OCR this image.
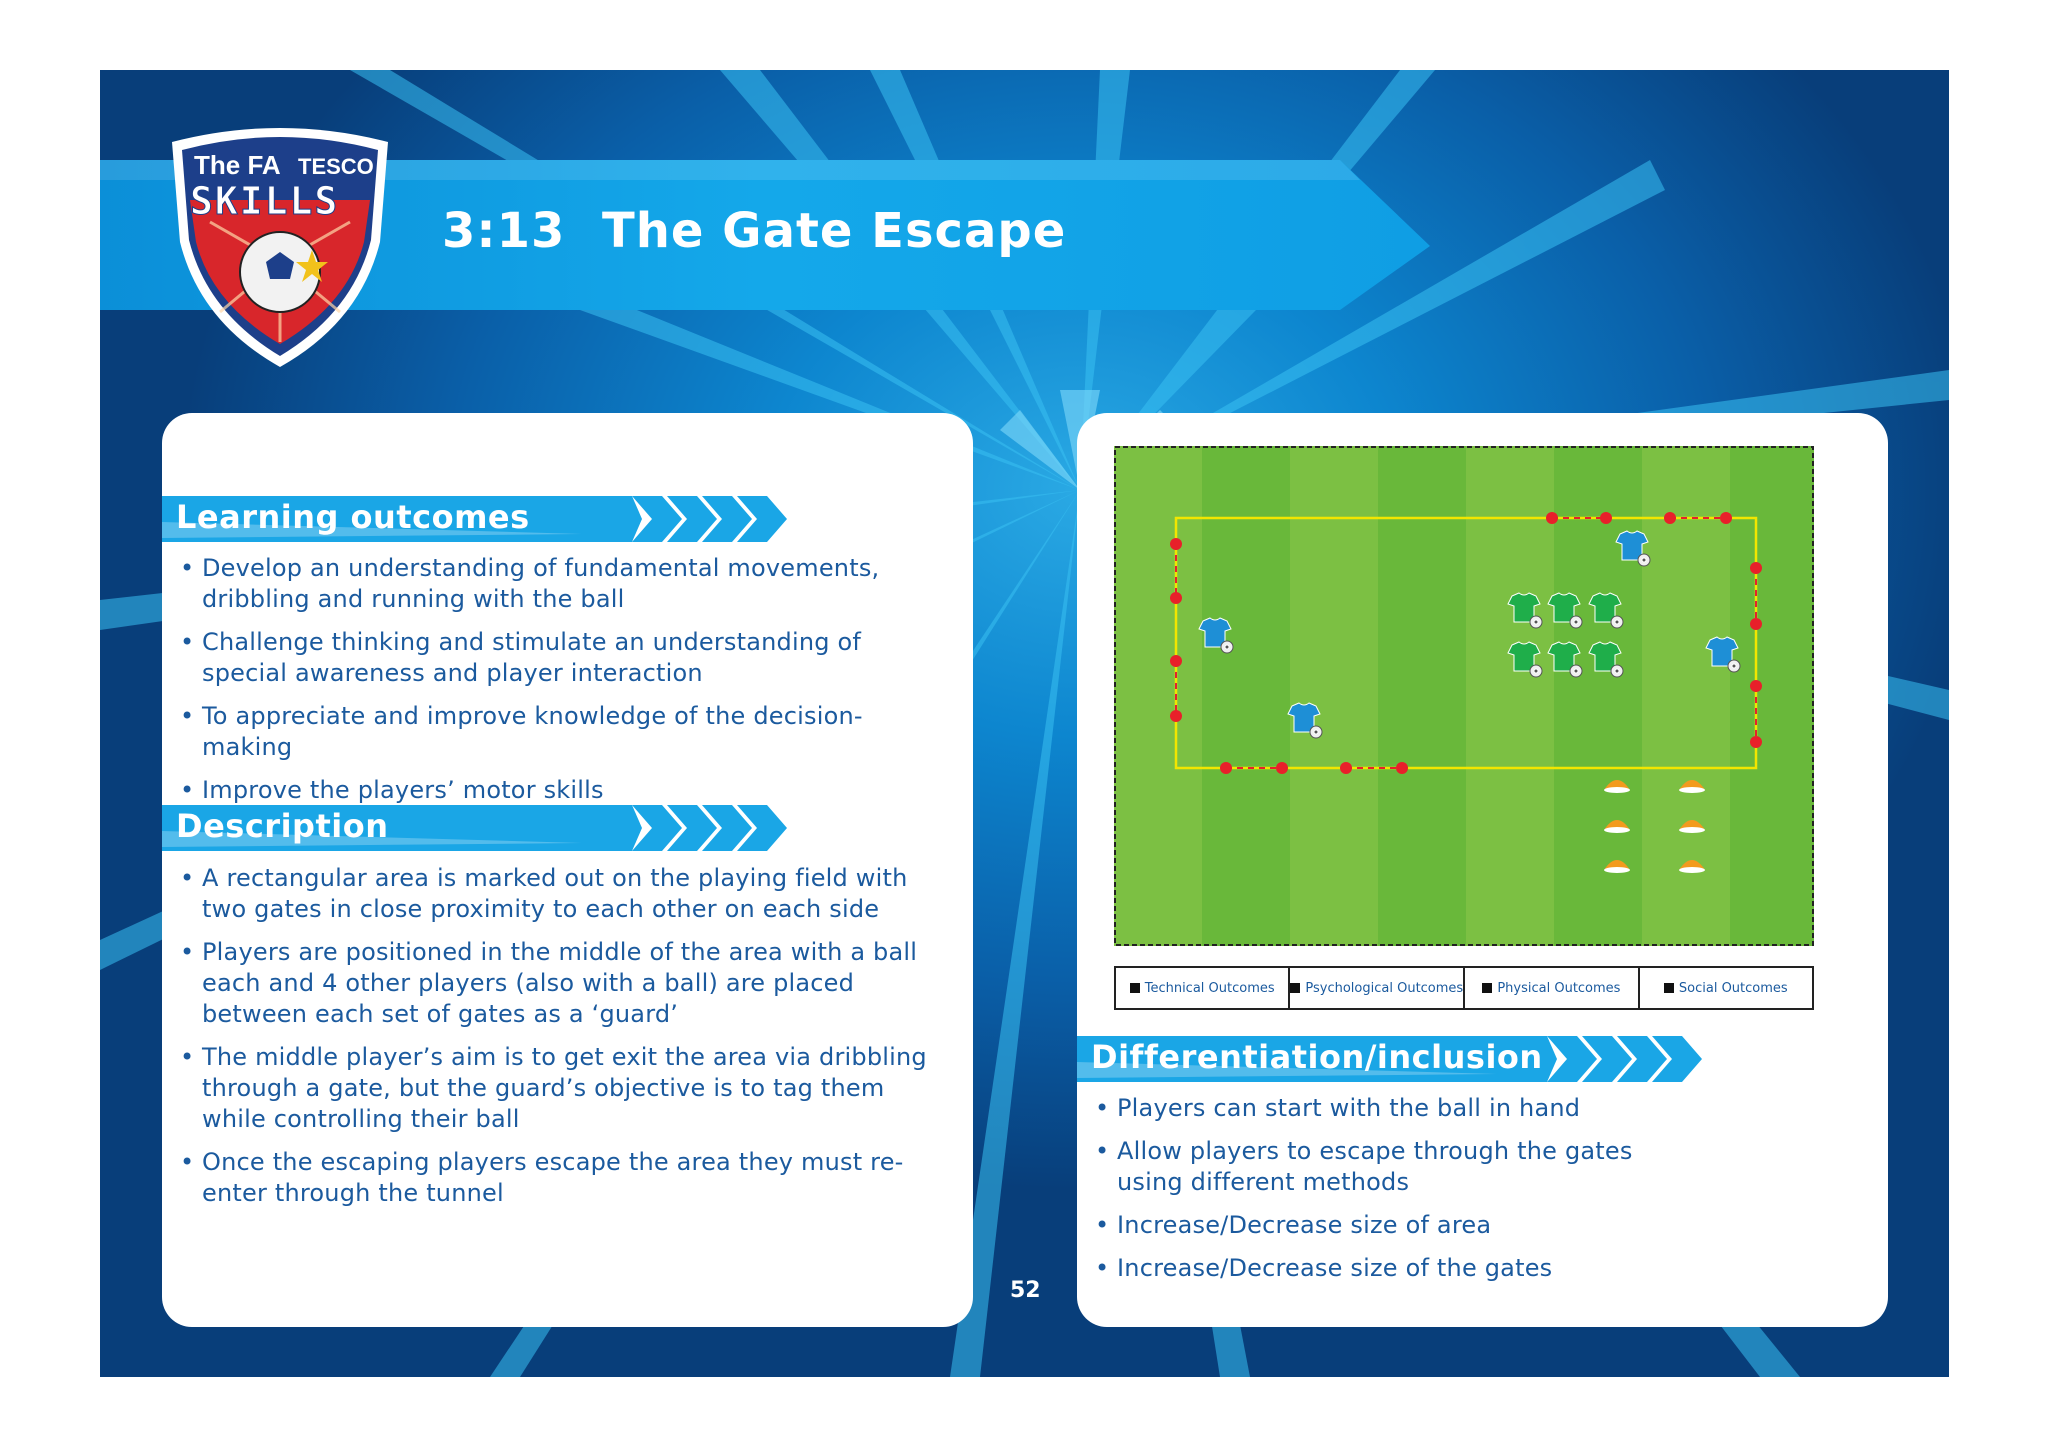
The FA TESCO
SKILLS
3:13 The Gate Escape
Learning outcomes
• Develop an understanding of fundamental movements, dribbling and running with the ball
• Challenge thinking and stimulate an understanding of special awareness and player interaction
• To appreciate and improve knowledge of the decision-making
• Improve the players’ motor skills
Description
• A rectangular area is marked out on the playing field with two gates in close proximity to each other on each side
• Players are positioned in the middle of the area with a ball each and 4 other players (also with a ball) are placed between each set of gates as a ‘guard’
• The middle player’s aim is to get exit the area via dribbling through a gate, but the guard’s objective is to tag them while controlling their ball
• Once the escaping players escape the area they must re-enter through the tunnel
Technical Outcomes Psychological Outcomes	Physical Outcomes	Social Outcomes
Differentiation/inclusion
• Players can start with the ball in hand
• Allow players to escape through the gates using different methods
• Increase/Decrease size of area
• Increase/Decrease size of the gates
52
